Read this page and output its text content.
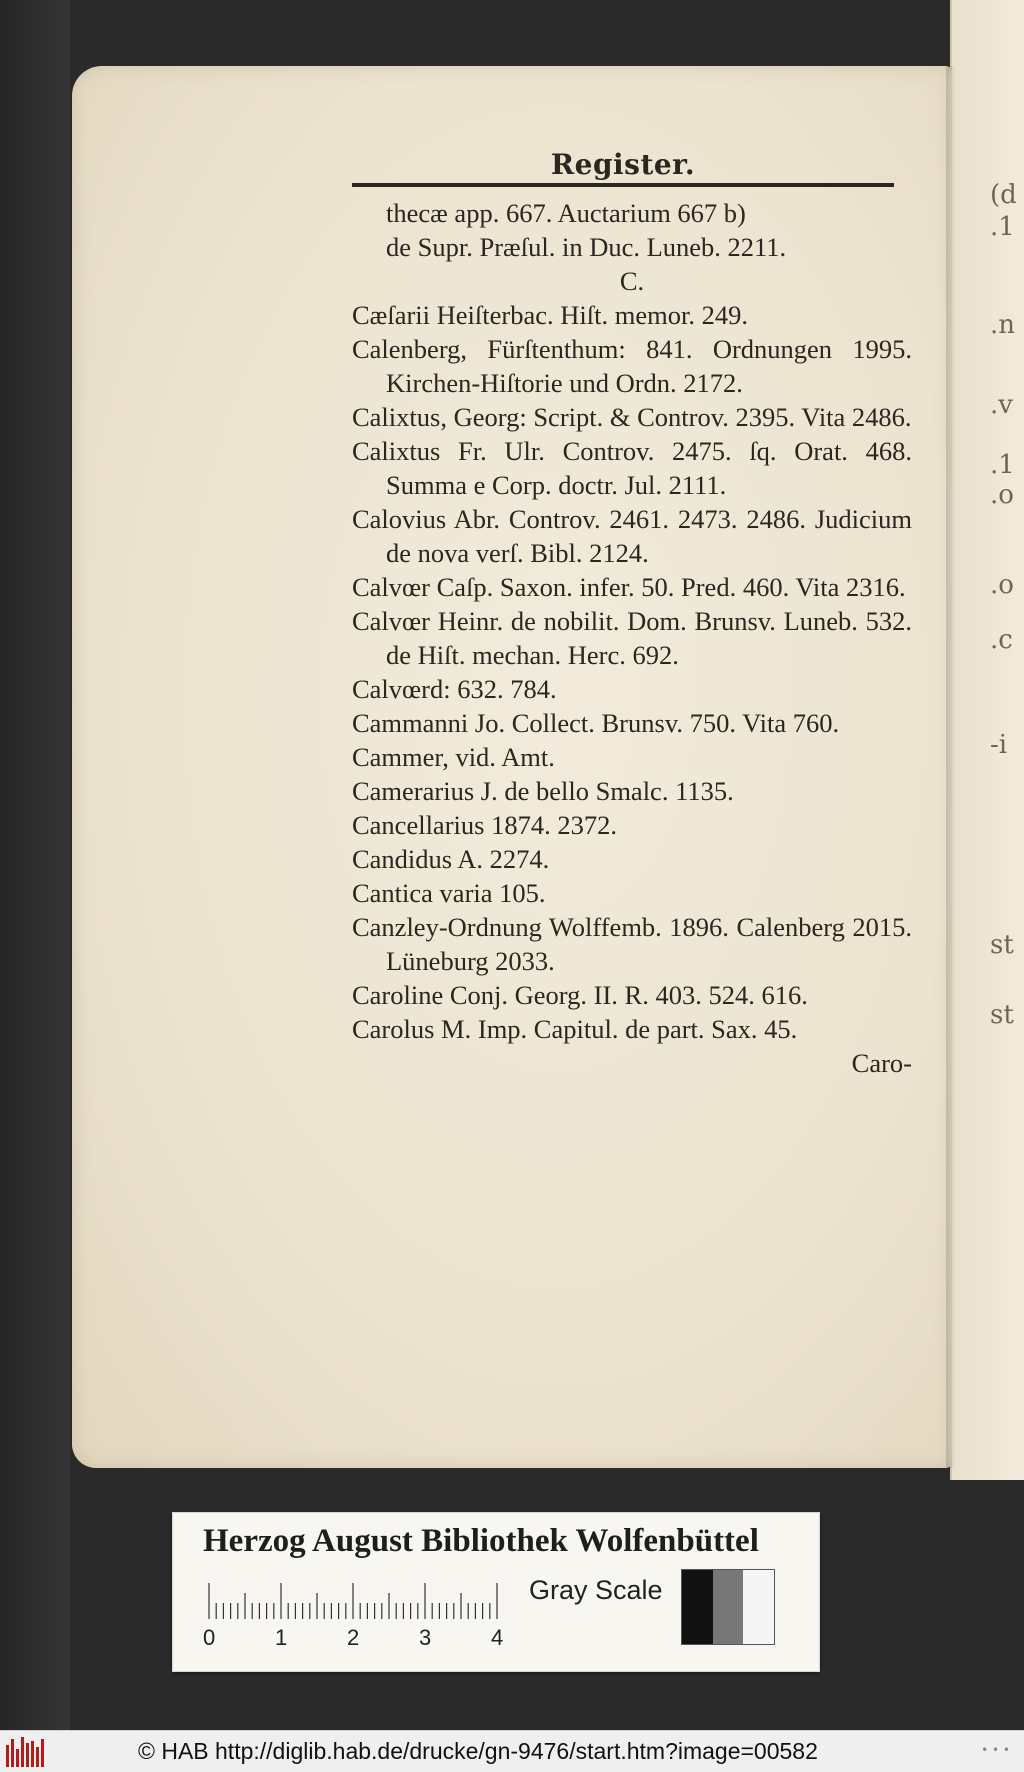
(d
.1
.n
.v
.1
.o
.o
.c
-i
st
st
Register.

thecæ app. 667. Auctarium 667 b)

de Supr. Præſul. in Duc. Luneb. 2211.

C.

Cæſarii Heiſterbac. Hiſt. memor. 249.

Calenberg, Fürſtenthum: 841. Ordnungen 1995. Kirchen-Hiſtorie und Ordn. 2172.

Calixtus, Georg: Script. & Controv. 2395. Vita 2486.

Calixtus Fr. Ulr. Controv. 2475. ſq. Orat. 468. Summa e Corp. doctr. Jul. 2111.

Calovius Abr. Controv. 2461. 2473. 2486. Judicium de nova verſ. Bibl. 2124.

Calvœr Caſp. Saxon. infer. 50. Pred. 460. Vita 2316.

Calvœr Heinr. de nobilit. Dom. Brunsv. Luneb. 532. de Hiſt. mechan. Herc. 692.

Calvœrd: 632. 784.

Cammanni Jo. Collect. Brunsv. 750. Vita 760.

Cammer, vid. Amt.

Camerarius J. de bello Smalc. 1135.

Cancellarius 1874. 2372.

Candidus A. 2274.

Cantica varia 105.

Canzley-Ordnung Wolffemb. 1896. Calenberg 2015. Lüneburg 2033.

Caroline Conj. Georg. II. R. 403. 524. 616.

Carolus M. Imp. Capitul. de part. Sax. 45.

Caro-

Herzog August Bibliothek Wolfenbüttel
0	1	2	3	4
Gray Scale
© HAB http://diglib.hab.de/drucke/gn-9476/start.htm?image=00582	• • •
